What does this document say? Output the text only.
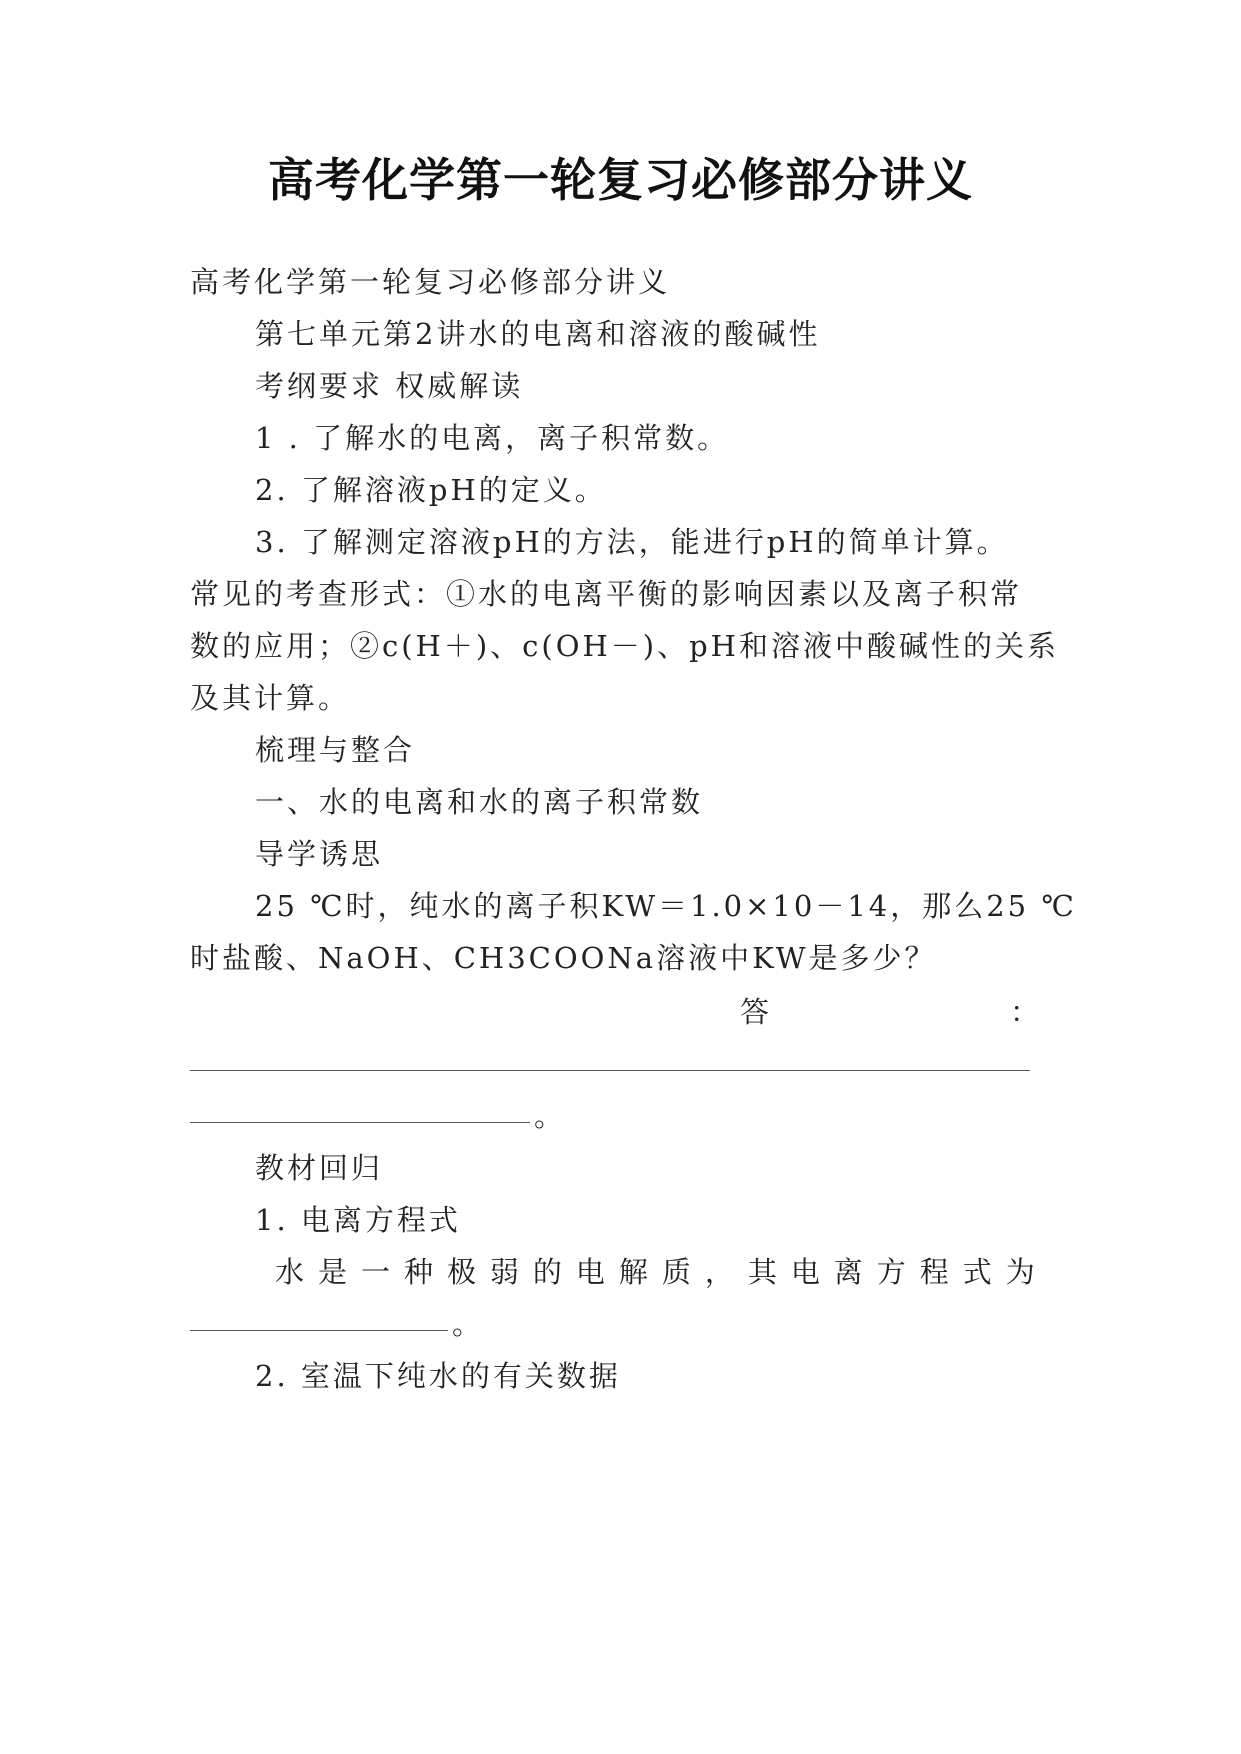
高考化学第一轮复习必修部分讲义
高考化学第一轮复习必修部分讲义
第七单元第2讲水的电离和溶液的酸碱性
考纲要求 权威解读
1 . 了解水的电离，离子积常数。
2. 了解溶液pH的定义。
3. 了解测定溶液pH的方法，能进行pH的简单计算。
常见的考查形式：①水的电离平衡的影响因素以及离子积常
数的应用；②c(H＋)、c(OH－)、pH和溶液中酸碱性的关系
及其计算。
梳理与整合
一、水的电离和水的离子积常数
导学诱思
25 ℃时，纯水的离子积KW＝1.0×10－14，那么25 ℃
时盐酸、NaOH、CH3COONa溶液中KW是多少？
答	：
。
教材回归
1. 电离方程式
水 是 一 种 极 弱 的 电 解 质 ， 其 电 离 方 程 式 为
。
2. 室温下纯水的有关数据
